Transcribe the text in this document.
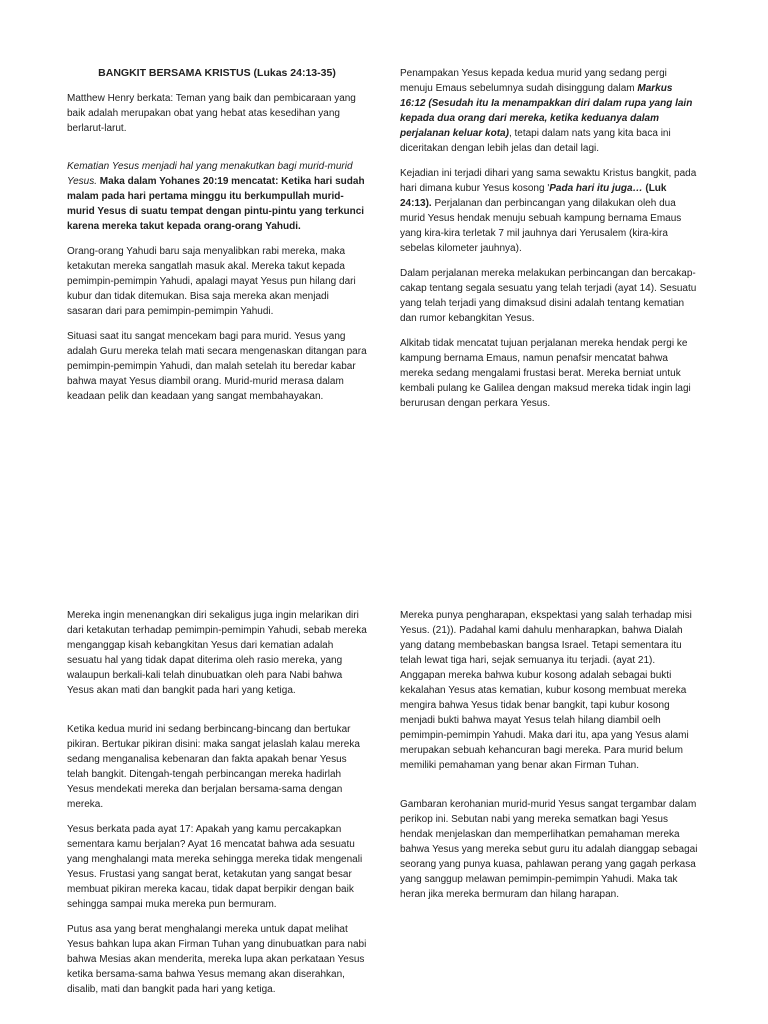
BANGKIT BERSAMA KRISTUS (Lukas 24:13-35)

Matthew Henry berkata: Teman yang baik dan pembicaraan yang baik adalah merupakan obat yang hebat atas kesedihan yang berlarut-larut.

Kematian Yesus menjadi hal yang menakutkan bagi murid-murid Yesus. Maka dalam Yohanes 20:19 mencatat: Ketika hari sudah malam pada hari pertama minggu itu berkumpullah murid-murid Yesus di suatu tempat dengan pintu-pintu yang terkunci karena mereka takut kepada orang-orang Yahudi.

Orang-orang Yahudi baru saja menyalibkan rabi mereka, maka ketakutan mereka sangatlah masuk akal. Mereka takut kepada pemimpin-pemimpin Yahudi, apalagi mayat Yesus pun hilang dari kubur dan tidak ditemukan. Bisa saja mereka akan menjadi sasaran dari para pemimpin-pemimpin Yahudi.

Situasi saat itu sangat mencekam bagi para murid. Yesus yang adalah Guru mereka telah mati secara mengenaskan ditangan para pemimpin-pemimpin Yahudi, dan malah setelah itu beredar kabar bahwa mayat Yesus diambil orang. Murid-murid merasa dalam keadaan pelik dan keadaan yang sangat membahayakan.

Penampakan Yesus kepada kedua murid yang sedang pergi menuju Emaus sebelumnya sudah disinggung dalam Markus 16:12 (Sesudah itu Ia menampakkan diri dalam rupa yang lain kepada dua orang dari mereka, ketika keduanya dalam perjalanan keluar kota), tetapi dalam nats yang kita baca ini diceritakan dengan lebih jelas dan detail lagi.

Kejadian ini terjadi dihari yang sama sewaktu Kristus bangkit, pada hari dimana kubur Yesus kosong 'Pada hari itu juga… (Luk 24:13). Perjalanan dan perbincangan yang dilakukan oleh dua murid Yesus hendak menuju sebuah kampung bernama Emaus yang kira-kira terletak 7 mil jauhnya dari Yerusalem (kira-kira sebelas kilometer jauhnya).

Dalam perjalanan mereka melakukan perbincangan dan bercakap-cakap tentang segala sesuatu yang telah terjadi (ayat 14). Sesuatu yang telah terjadi yang dimaksud disini adalah tentang kematian dan rumor kebangkitan Yesus.

Alkitab tidak mencatat tujuan perjalanan mereka hendak pergi ke kampung bernama Emaus, namun penafsir mencatat bahwa mereka sedang mengalami frustasi berat. Mereka berniat untuk kembali pulang ke Galilea dengan maksud mereka tidak ingin lagi berurusan dengan perkara Yesus.

Mereka ingin menenangkan diri sekaligus juga ingin melarikan diri dari ketakutan terhadap pemimpin-pemimpin Yahudi, sebab mereka menganggap kisah kebangkitan Yesus dari kematian adalah sesuatu hal yang tidak dapat diterima oleh rasio mereka, yang walaupun berkali-kali telah dinubuatkan oleh para Nabi bahwa Yesus akan mati dan bangkit pada hari yang ketiga.

Ketika kedua murid ini sedang berbincang-bincang dan bertukar pikiran. Bertukar pikiran disini: maka sangat jelaslah kalau mereka sedang menganalisa kebenaran dan fakta apakah benar Yesus telah bangkit. Ditengah-tengah perbincangan mereka hadirlah Yesus mendekati mereka dan berjalan bersama-sama dengan mereka.

Yesus berkata pada ayat 17: Apakah yang kamu percakapkan sementara kamu berjalan? Ayat 16 mencatat bahwa ada sesuatu yang menghalangi mata mereka sehingga mereka tidak mengenali Yesus. Frustasi yang sangat berat, ketakutan yang sangat besar membuat pikiran mereka kacau, tidak dapat berpikir dengan baik sehingga sampai muka mereka pun bermuram.

Putus asa yang berat menghalangi mereka untuk dapat melihat Yesus bahkan lupa akan Firman Tuhan yang dinubuatkan para nabi bahwa Mesias akan menderita, mereka lupa akan perkataan Yesus ketika bersama-sama bahwa Yesus memang akan diserahkan, disalib, mati dan bangkit pada hari yang ketiga.

Mereka punya pengharapan, ekspektasi yang salah terhadap misi Yesus. (21)). Padahal kami dahulu menharapkan, bahwa Dialah yang datang membebaskan bangsa Israel. Tetapi sementara itu telah lewat tiga hari, sejak semuanya itu terjadi. (ayat 21). Anggapan mereka bahwa kubur kosong adalah sebagai bukti kekalahan Yesus atas kematian, kubur kosong membuat mereka mengira bahwa Yesus tidak benar bangkit, tapi kubur kosong menjadi bukti bahwa mayat Yesus telah hilang diambil oelh pemimpin-pemimpin Yahudi. Maka dari itu, apa yang Yesus alami merupakan sebuah kehancuran bagi mereka. Para murid belum memiliki pemahaman yang benar akan Firman Tuhan.

Gambaran kerohanian murid-murid Yesus sangat tergambar dalam perikop ini. Sebutan nabi yang mereka sematkan bagi Yesus hendak menjelaskan dan memperlihatkan pemahaman mereka bahwa Yesus yang mereka sebut guru itu adalah dianggap sebagai seorang yang punya kuasa, pahlawan perang yang gagah perkasa yang sanggup melawan pemimpin-pemimpin Yahudi. Maka tak heran jika mereka bermuram dan hilang harapan.
